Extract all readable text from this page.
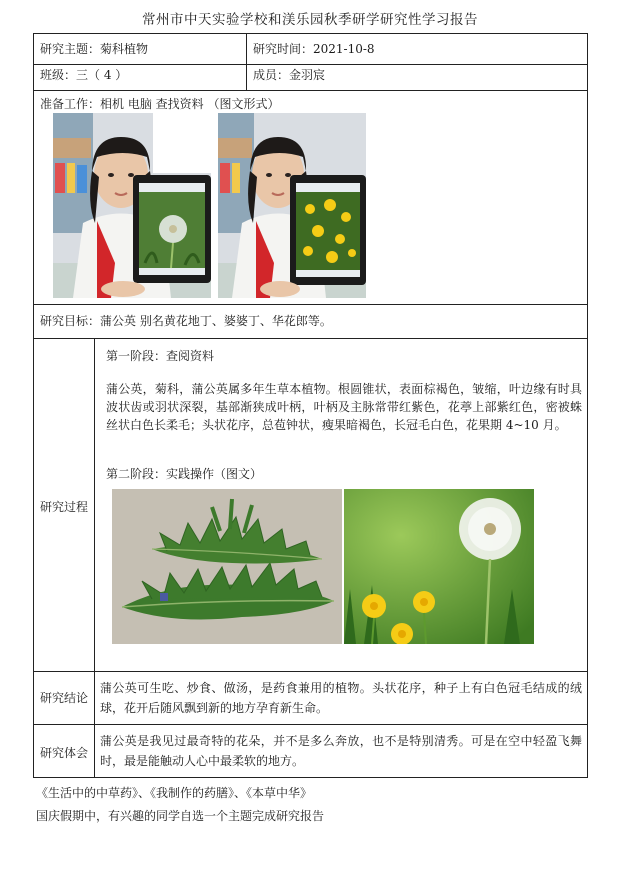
常州市中天实验学校和渼乐园秋季研学研究性学习报告
研究主题：菊科植物	研究时间：2021-10-8
班级：三（ 4 ）	成员：金羽宸
准备工作：相机 电脑 查找资料 （图文形式）
研究目标：蒲公英 别名黄花地丁、婆婆丁、华花郎等。
研究过程
第一阶段：查阅资料
蒲公英，菊科，蒲公英属多年生草本植物。根圆锥状，表面棕褐色，皱缩，叶边缘有时具波状齿或羽状深裂，基部渐狭成叶柄，叶柄及主脉常带红紫色，花葶上部紫红色，密被蛛丝状白色长柔毛；头状花序，总苞钟状，瘦果暗褐色，长冠毛白色，花果期 4~10 月。
第二阶段：实践操作（图文）
研究结论
蒲公英可生吃、炒食、做汤，是药食兼用的植物。头状花序，种子上有白色冠毛结成的绒球，花开后随风飘到新的地方孕育新生命。
研究体会
蒲公英是我见过最奇特的花朵，并不是多么奔放，也不是特别清秀。可是在空中轻盈飞舞时，最是能触动人心中最柔软的地方。
《生活中的中草药》、《我制作的药膳》、《本草中华》
国庆假期中，有兴趣的同学自选一个主题完成研究报告
